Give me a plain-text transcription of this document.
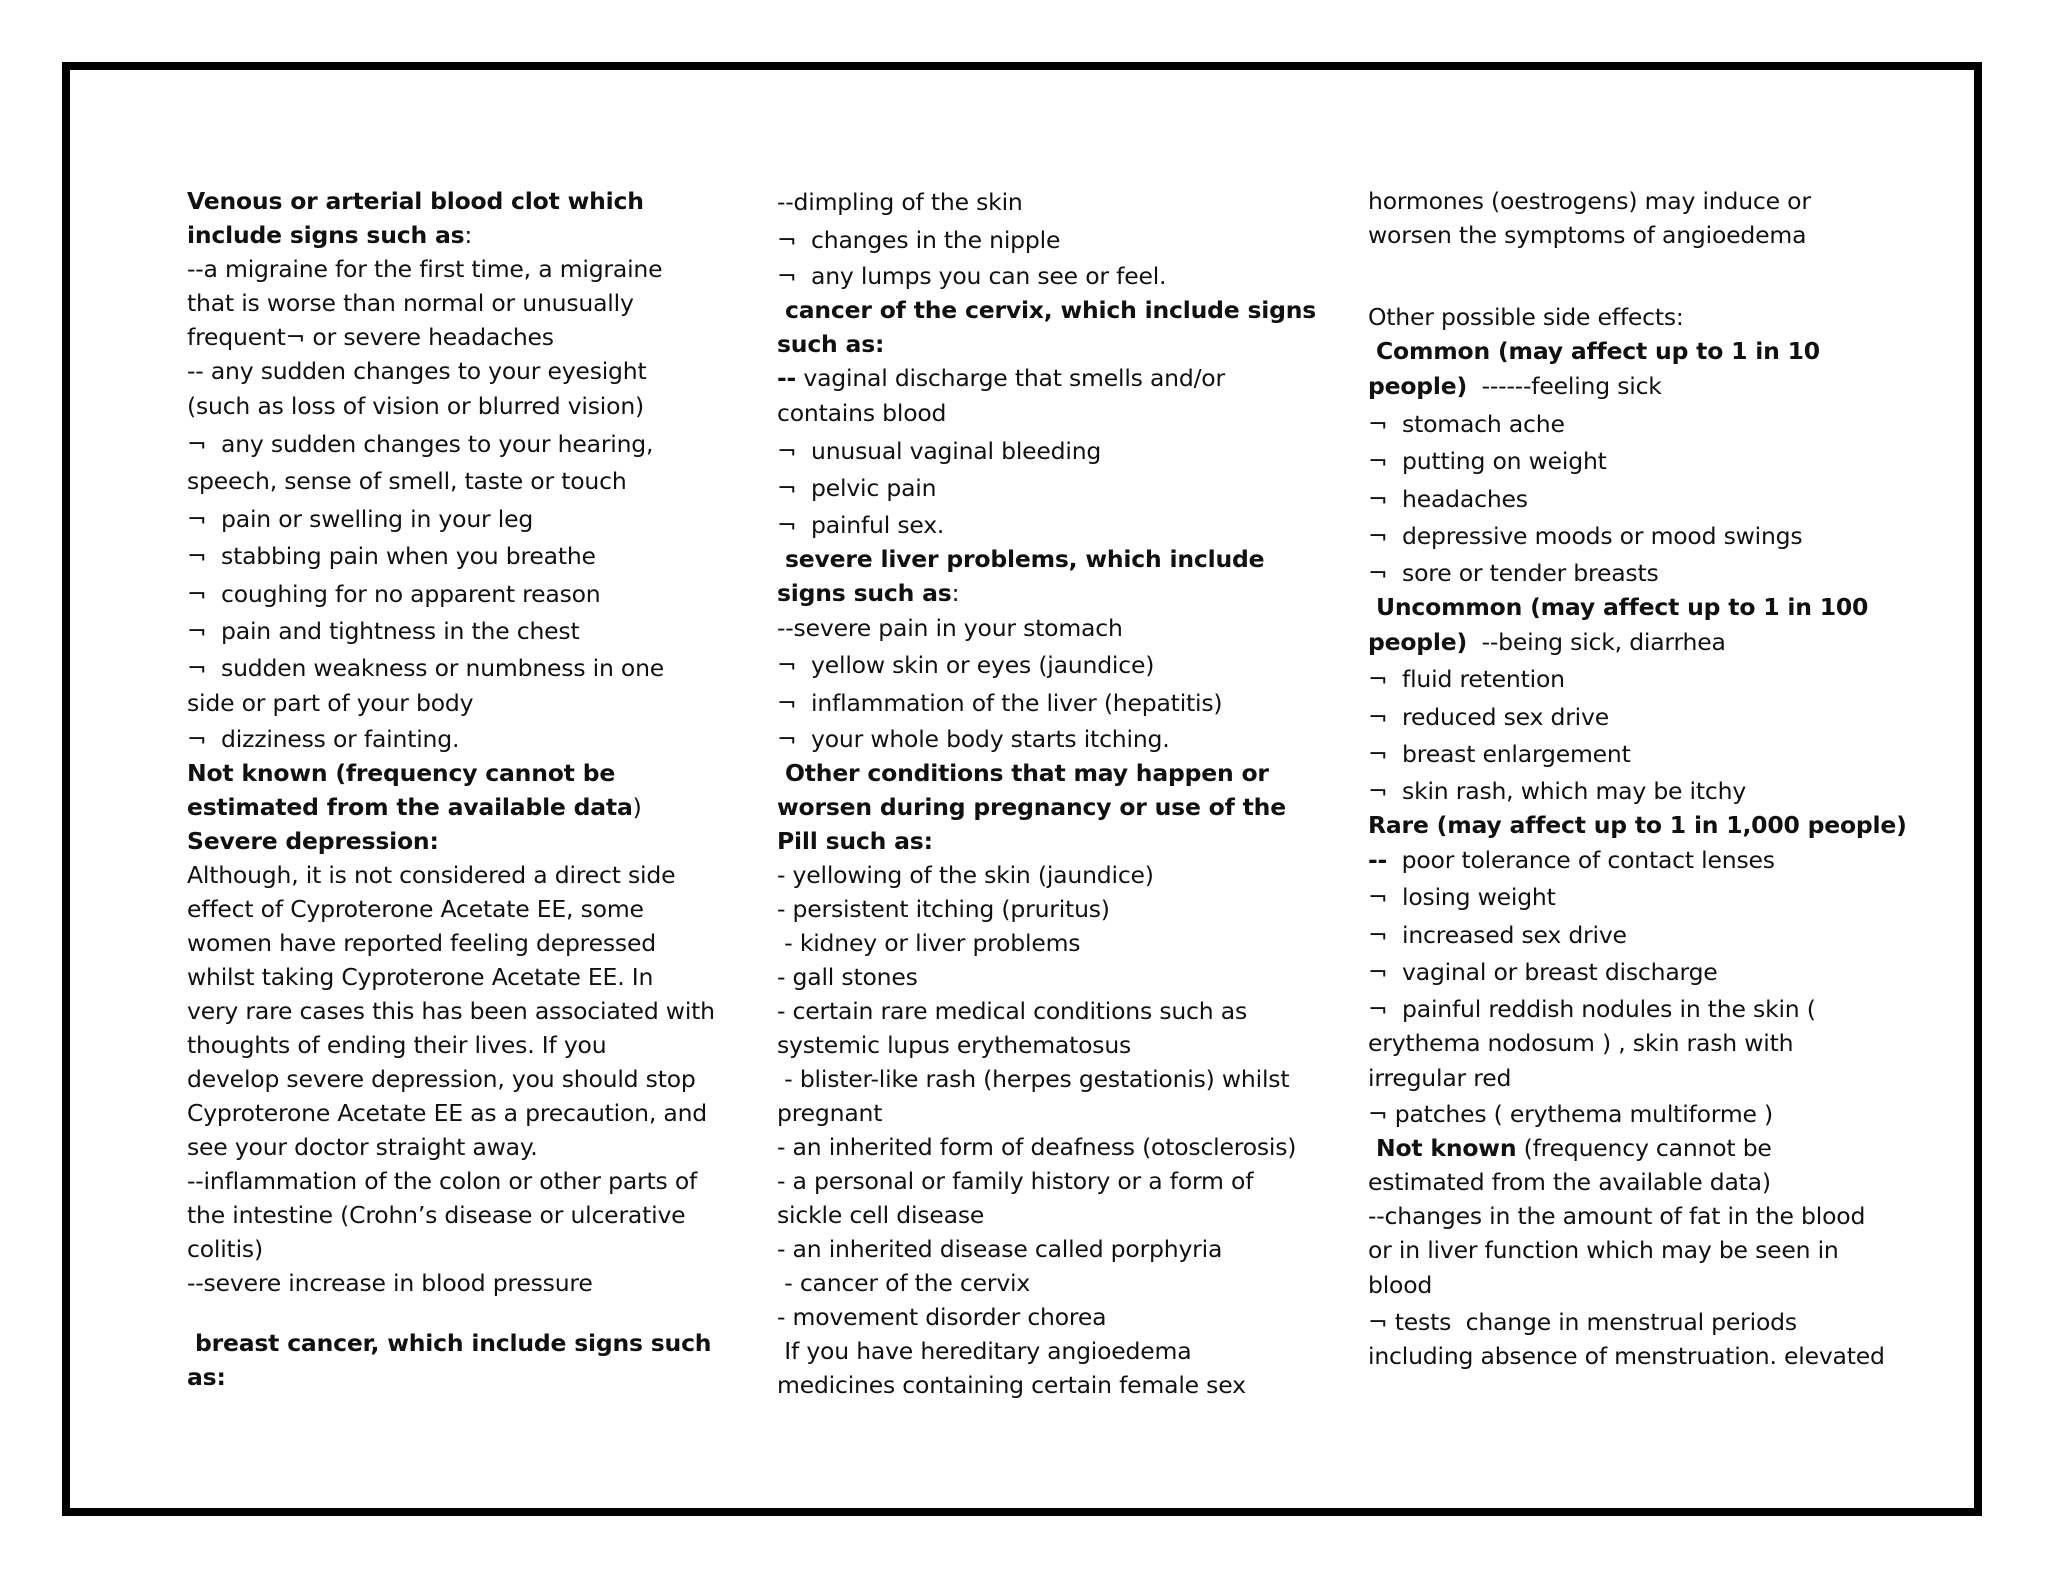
Venous or arterial blood clot which
include signs such as:
--a migraine for the first time, a migraine
that is worse than normal or unusually
frequent¬ or severe headaches
-- any sudden changes to your eyesight
(such as loss of vision or blurred vision)
¬  any sudden changes to your hearing,
speech, sense of smell, taste or touch
¬  pain or swelling in your leg
¬  stabbing pain when you breathe
¬  coughing for no apparent reason
¬  pain and tightness in the chest
¬  sudden weakness or numbness in one
side or part of your body
¬  dizziness or fainting.
Not known (frequency cannot be
estimated from the available data)
Severe depression:
Although, it is not considered a direct side
effect of Cyproterone Acetate EE, some
women have reported feeling depressed
whilst taking Cyproterone Acetate EE. In
very rare cases this has been associated with
thoughts of ending their lives. If you
develop severe depression, you should stop
Cyproterone Acetate EE as a precaution, and
see your doctor straight away.
--inflammation of the colon or other parts of
the intestine (Crohn’s disease or ulcerative
colitis)
--severe increase in blood pressure
breast cancer, which include signs such
as:
--dimpling of the skin
¬  changes in the nipple
¬  any lumps you can see or feel.
cancer of the cervix, which include signs
such as:
-- vaginal discharge that smells and/or
contains blood
¬  unusual vaginal bleeding
¬  pelvic pain
¬  painful sex.
severe liver problems, which include
signs such as:
--severe pain in your stomach
¬  yellow skin or eyes (jaundice)
¬  inflammation of the liver (hepatitis)
¬  your whole body starts itching.
Other conditions that may happen or
worsen during pregnancy or use of the
Pill such as:
- yellowing of the skin (jaundice)
- persistent itching (pruritus)
- kidney or liver problems
- gall stones
- certain rare medical conditions such as
systemic lupus erythematosus
- blister-like rash (herpes gestationis) whilst
pregnant
- an inherited form of deafness (otosclerosis)
- a personal or family history or a form of
sickle cell disease
- an inherited disease called porphyria
- cancer of the cervix
- movement disorder chorea
If you have hereditary angioedema
medicines containing certain female sex
hormones (oestrogens) may induce or
worsen the symptoms of angioedema
Other possible side effects:
Common (may affect up to 1 in 10
people)  ------feeling sick
¬  stomach ache
¬  putting on weight
¬  headaches
¬  depressive moods or mood swings
¬  sore or tender breasts
Uncommon (may affect up to 1 in 100
people)  --being sick, diarrhea
¬  fluid retention
¬  reduced sex drive
¬  breast enlargement
¬  skin rash, which may be itchy
Rare (may affect up to 1 in 1,000 people)
--  poor tolerance of contact lenses
¬  losing weight
¬  increased sex drive
¬  vaginal or breast discharge
¬  painful reddish nodules in the skin (
erythema nodosum ) , skin rash with
irregular red
¬ patches ( erythema multiforme )
Not known (frequency cannot be
estimated from the available data)
--changes in the amount of fat in the blood
or in liver function which may be seen in
blood
¬ tests  change in menstrual periods
including absence of menstruation. elevated
